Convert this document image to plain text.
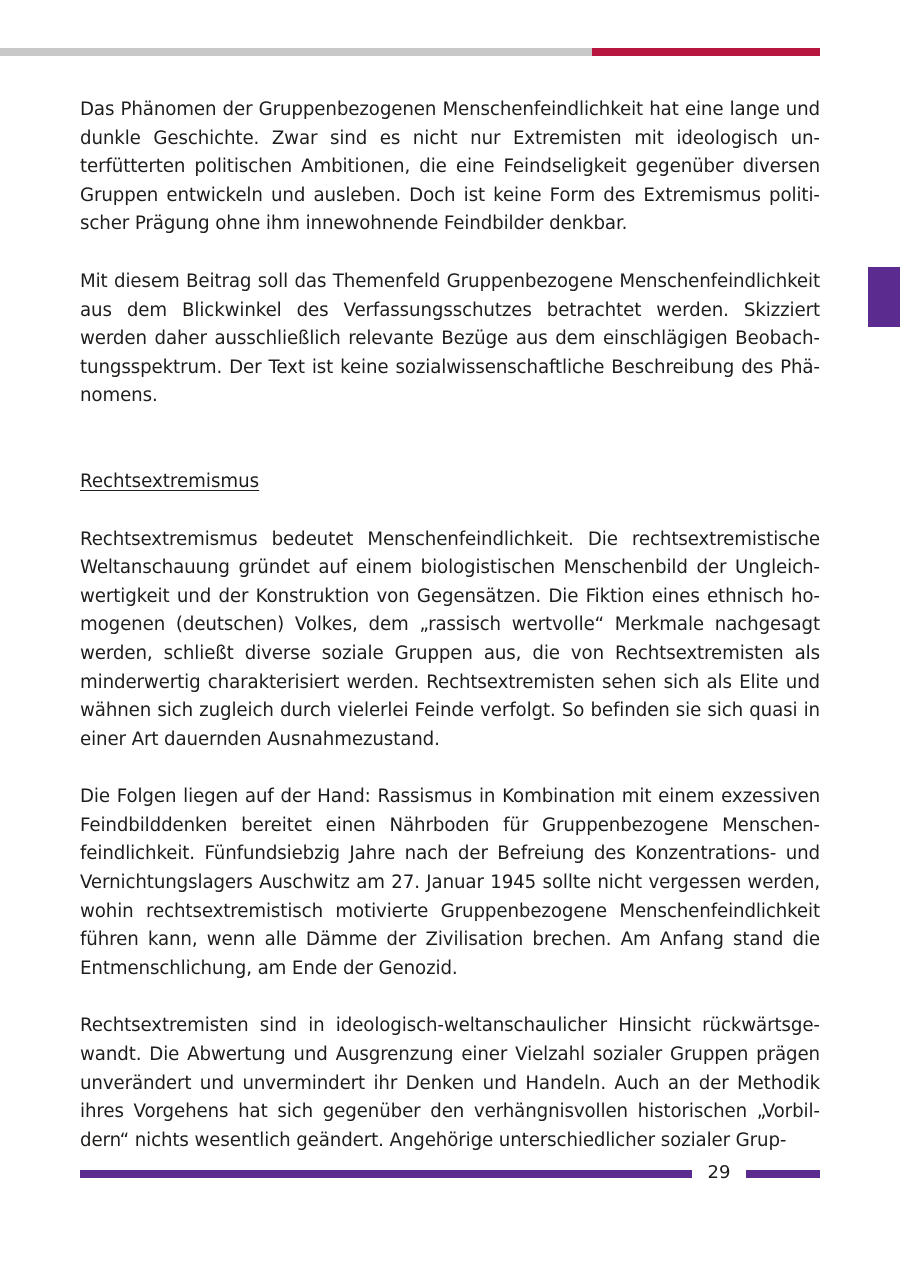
Das Phänomen der Gruppenbezogenen Menschenfeindlichkeit hat eine lange und dunkle Geschichte. Zwar sind es nicht nur Extremisten mit ideologisch unterfütterten politischen Ambitionen, die eine Feindseligkeit gegenüber diversen Gruppen entwickeln und ausleben. Doch ist keine Form des Extremismus politischer Prägung ohne ihm innewohnende Feindbilder denkbar.

Mit diesem Beitrag soll das Themenfeld Gruppenbezogene Menschenfeindlichkeit aus dem Blickwinkel des Verfassungsschutzes betrachtet werden. Skizziert werden daher ausschließlich relevante Bezüge aus dem einschlägigen Beobachtungsspektrum. Der Text ist keine sozialwissenschaftliche Beschreibung des Phänomens.

Rechtsextremismus

Rechtsextremismus bedeutet Menschenfeindlichkeit. Die rechtsextremistische Weltanschauung gründet auf einem biologistischen Menschenbild der Ungleichwertigkeit und der Konstruktion von Gegensätzen. Die Fiktion eines ethnisch homogenen (deutschen) Volkes, dem „rassisch wertvolle“ Merkmale nachgesagt werden, schließt diverse soziale Gruppen aus, die von Rechtsextremisten als minderwertig charakterisiert werden. Rechtsextremisten sehen sich als Elite und wähnen sich zugleich durch vielerlei Feinde verfolgt. So befinden sie sich quasi in einer Art dauernden Ausnahmezustand.

Die Folgen liegen auf der Hand: Rassismus in Kombination mit einem exzessiven Feindbilddenken bereitet einen Nährboden für Gruppenbezogene Menschenfeindlichkeit. Fünfundsiebzig Jahre nach der Befreiung des Konzentrations- und Vernichtungslagers Auschwitz am 27. Januar 1945 sollte nicht vergessen werden, wohin rechtsextremistisch motivierte Gruppenbezogene Menschenfeindlichkeit führen kann, wenn alle Dämme der Zivilisation brechen. Am Anfang stand die Entmenschlichung, am Ende der Genozid.

Rechtsextremisten sind in ideologisch-weltanschaulicher Hinsicht rückwärtsgewandt. Die Abwertung und Ausgrenzung einer Vielzahl sozialer Gruppen prägen unverändert und unvermindert ihr Denken und Handeln. Auch an der Methodik ihres Vorgehens hat sich gegenüber den verhängnisvollen historischen „Vorbildern“ nichts wesentlich geändert. Angehörige unterschiedlicher sozialer Grup-

29
